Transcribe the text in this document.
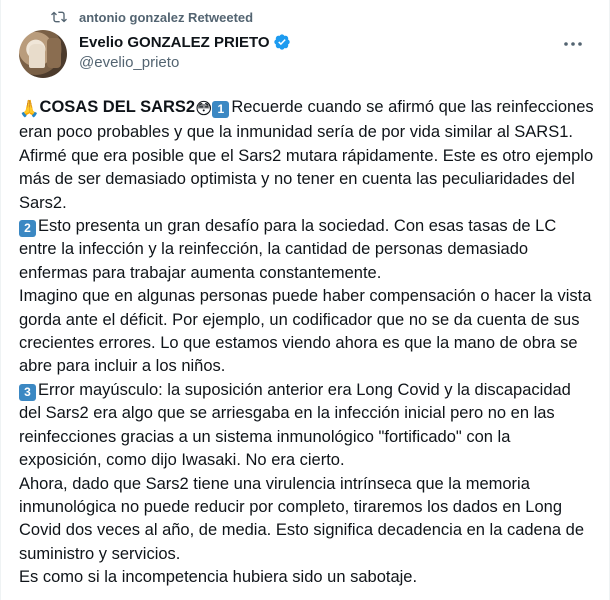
antonio gonzalez Retweeted
Evelio GONZALEZ PRIETO
@evelio_prieto

🙏COSAS DEL SARS2😳 1 Recuerde cuando se afirmó que las reinfecciones eran poco probables y que la inmunidad sería de por vida similar al SARS1. Afirmé que era posible que el Sars2 mutara rápidamente. Este es otro ejemplo más de ser demasiado optimista y no tener en cuenta las peculiaridades del Sars2.

2 Esto presenta un gran desafío para la sociedad. Con esas tasas de LC entre la infección y la reinfección, la cantidad de personas demasiado enfermas para trabajar aumenta constantemente.

Imagino que en algunas personas puede haber compensación o hacer la vista gorda ante el déficit. Por ejemplo, un codificador que no se da cuenta de sus crecientes errores. Lo que estamos viendo ahora es que la mano de obra se abre para incluir a los niños.

3 Error mayúsculo: la suposición anterior era Long Covid y la discapacidad del Sars2 era algo que se arriesgaba en la infección inicial pero no en las reinfecciones gracias a un sistema inmunológico "fortificado" con la exposición, como dijo Iwasaki. No era cierto.

Ahora, dado que Sars2 tiene una virulencia intrínseca que la memoria inmunológica no puede reducir por completo, tiraremos los dados en Long Covid dos veces al año, de media. Esto significa decadencia en la cadena de suministro y servicios.

Es como si la incompetencia hubiera sido un sabotaje.
